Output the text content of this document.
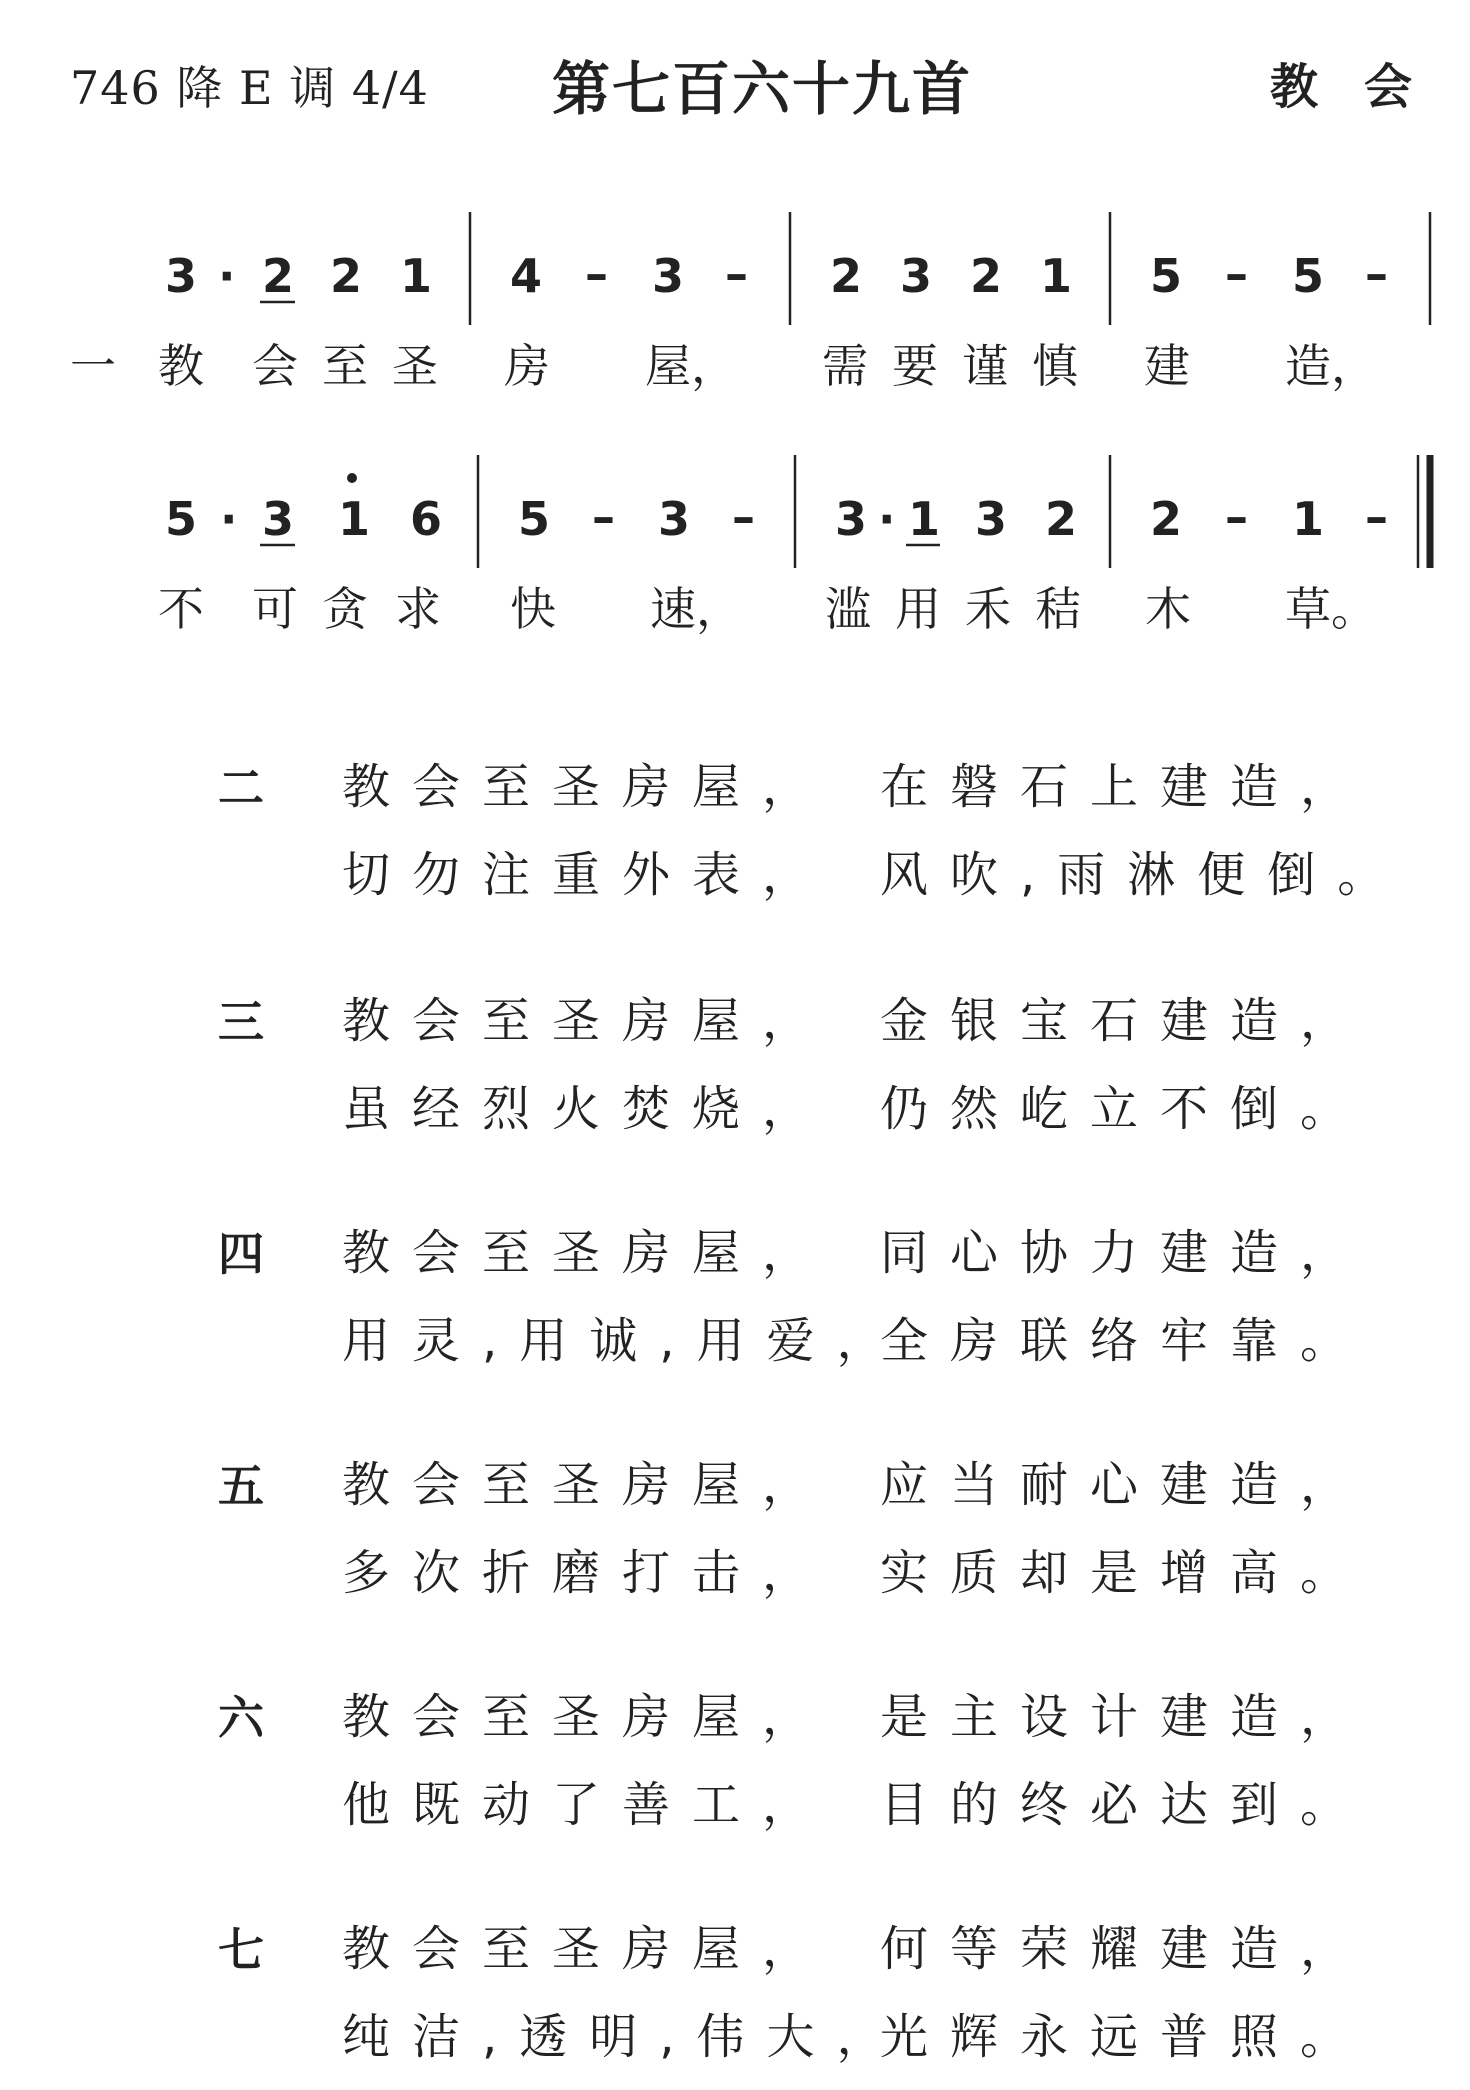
746 降 E 调 4/4 第七百六十九首	教会
3 · 2 2 1 4 – 3 – 2 3 2 1 5 – 5 –
一 教 会 至 圣 房 屋， 需 要 谨 慎 建 造，
5 · 3 1 6 5 – 3 – 3 · 1 3 2 2 – 1 –
不 可 贪 求 快 速， 滥 用 禾 秸 木 草。
二 教会至圣房屋， 在磐石上建造，
切勿注重外表， 风吹,雨淋便倒。
三 教会至圣房屋， 金银宝石建造，
虽经烈火焚烧， 仍然屹立不倒。
四 教会至圣房屋， 同心协力建造，
用灵,用诚,用爱，
全房联络牢靠。
五 教会至圣房屋， 应当耐心建造，
多次折磨打击， 实质却是增高。
六 教会至圣房屋， 是主设计建造，
他既动了善工， 目的终必达到。
七 教会至圣房屋， 何等荣耀建造，
纯洁,透明,伟大，
光辉永远普照。
